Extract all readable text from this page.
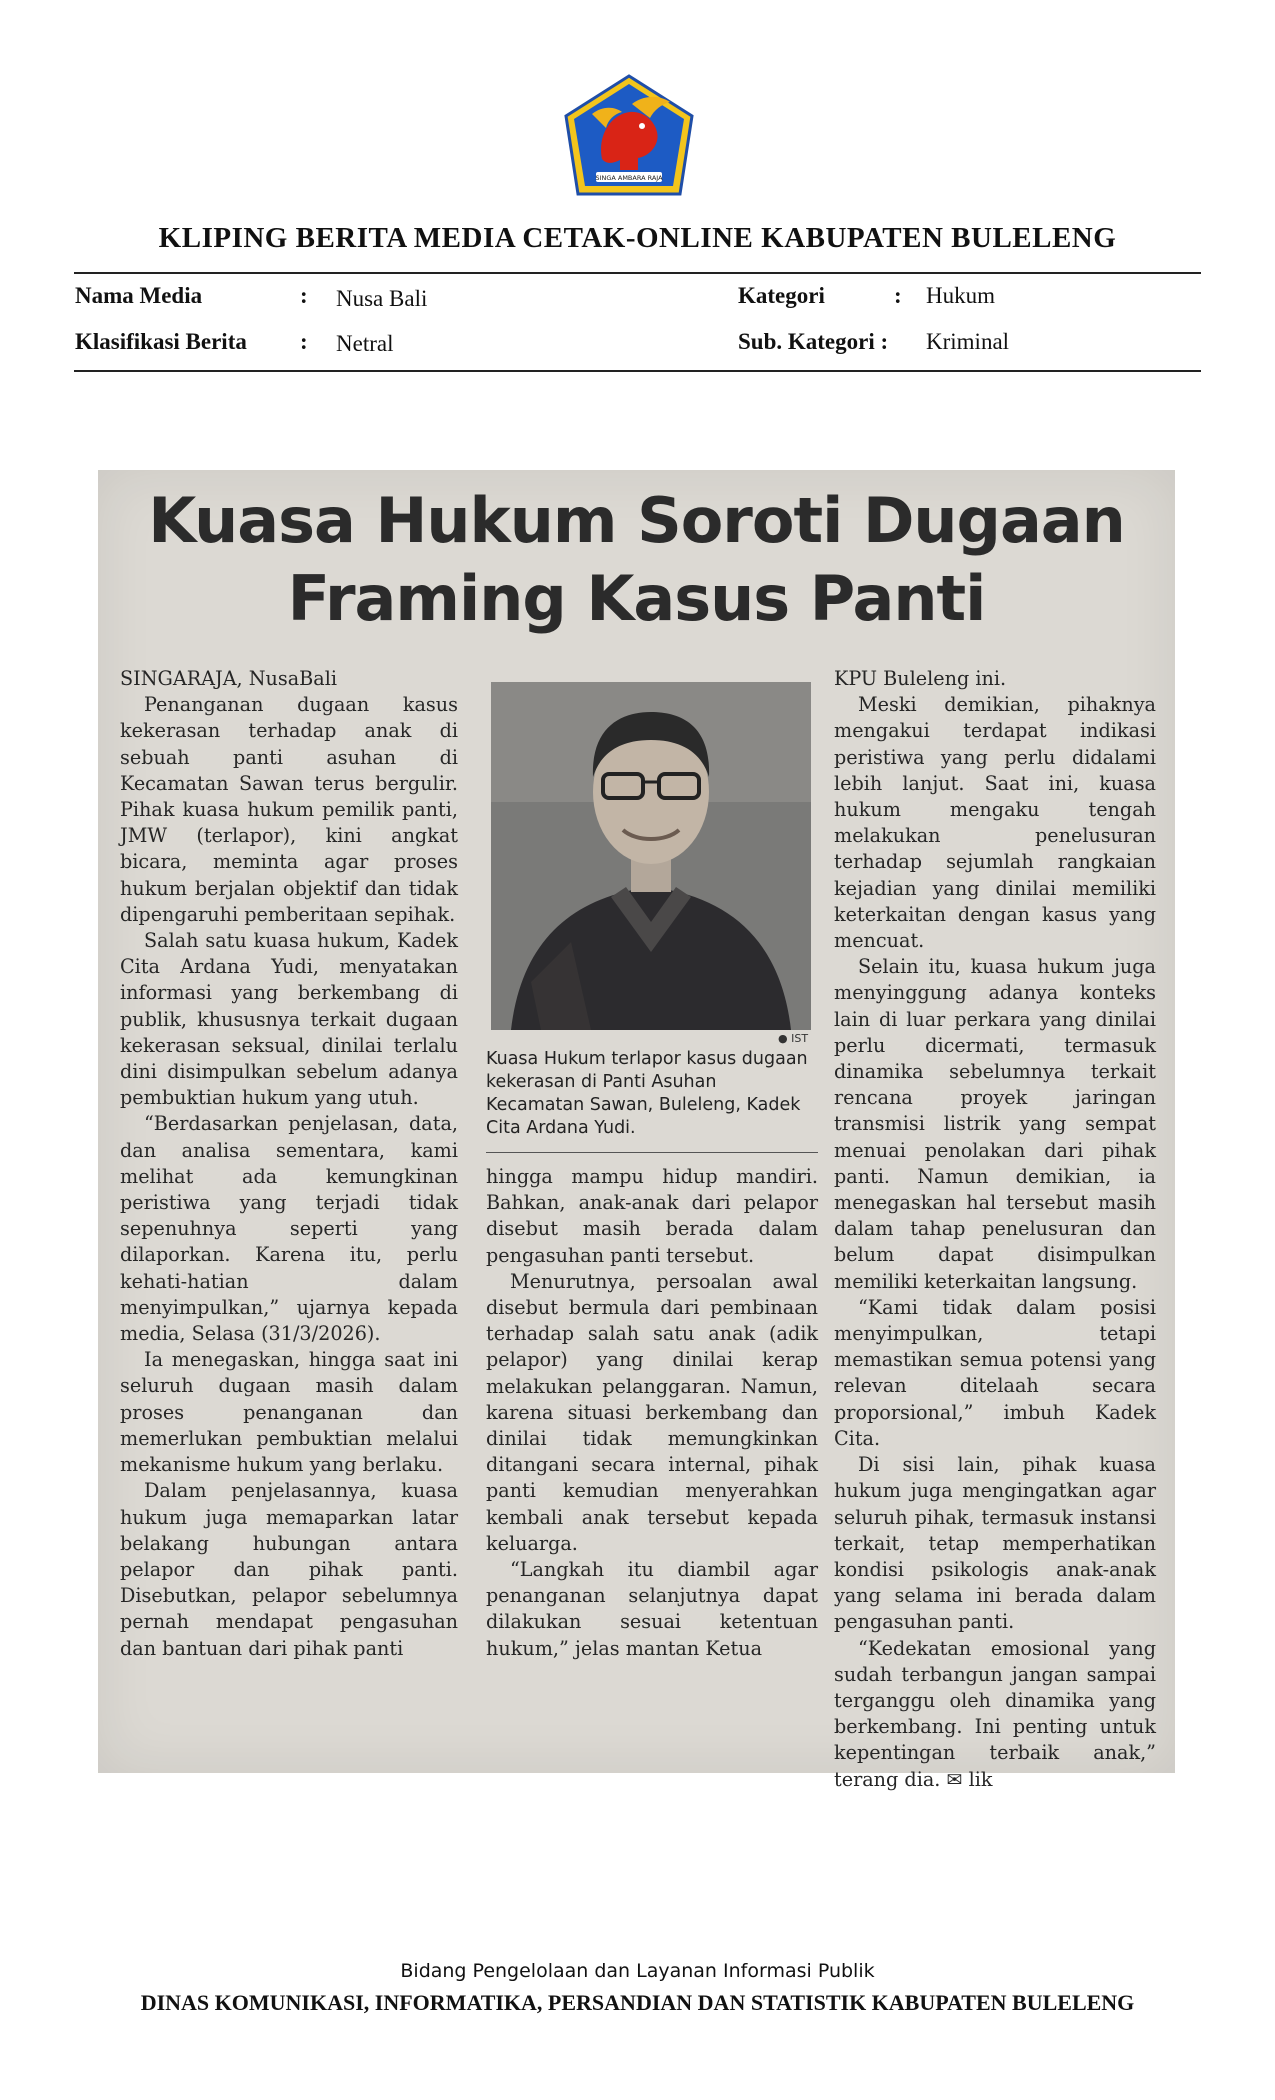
SINGA AMBARA RAJA
KLIPING BERITA MEDIA CETAK-ONLINE KABUPATEN BULELENG
Nama Media	: Nusa Bali	Kategori	: Hukum
Klasifikasi Berita : Netral	Sub. Kategori : Kriminal
Kuasa Hukum Soroti Dugaan
Framing Kasus Panti

SINGARAJA, NusaBali

Penanganan dugaan kasus kekerasan terhadap anak di sebuah panti asuhan di Kecamatan Sawan terus bergulir. Pihak kuasa hukum pemilik panti, JMW (terlapor), kini angkat bicara, meminta agar proses hukum berjalan objektif dan tidak dipengaruhi pemberitaan sepihak.

Salah satu kuasa hukum, Kadek Cita Ardana Yudi, menyatakan informasi yang berkembang di publik, khususnya terkait dugaan kekerasan seksual, dinilai terlalu dini disimpulkan sebelum adanya pembuktian hukum yang utuh.

“Berdasarkan penjelasan, data, dan analisa sementara, kami melihat ada kemungkinan peristiwa yang terjadi tidak sepenuhnya seperti yang dilaporkan. Karena itu, perlu kehati-hatian dalam menyimpulkan,” ujarnya kepada media, Selasa (31/3/2026).

Ia menegaskan, hingga saat ini seluruh dugaan masih dalam proses penanganan dan memerlukan pembuktian melalui mekanisme hukum yang berlaku.

Dalam penjelasannya, kuasa hukum juga memaparkan latar belakang hubungan antara pelapor dan pihak panti. Disebutkan, pelapor sebelumnya pernah mendapat pengasuhan dan bantuan dari pihak panti

● IST
Kuasa Hukum terlapor kasus dugaan kekerasan di Panti Asuhan Kecamatan Sawan, Buleleng, Kadek Cita Ardana Yudi.

hingga mampu hidup mandiri. Bahkan, anak-anak dari pelapor disebut masih berada dalam pengasuhan panti tersebut.

Menurutnya, persoalan awal disebut bermula dari pembinaan terhadap salah satu anak (adik pelapor) yang dinilai kerap melakukan pelanggaran. Namun, karena situasi berkembang dan dinilai tidak memungkinkan ditangani secara internal, pihak panti kemudian menyerahkan kembali anak tersebut kepada keluarga.

“Langkah itu diambil agar penanganan selanjutnya dapat dilakukan sesuai ketentuan hukum,” jelas mantan Ketua

KPU Buleleng ini.

Meski demikian, pihaknya mengakui terdapat indikasi peristiwa yang perlu didalami lebih lanjut. Saat ini, kuasa hukum mengaku tengah melakukan penelusuran terhadap sejumlah rangkaian kejadian yang dinilai memiliki keterkaitan dengan kasus yang mencuat.

Selain itu, kuasa hukum juga menyinggung adanya konteks lain di luar perkara yang dinilai perlu dicermati, termasuk dinamika sebelumnya terkait rencana proyek jaringan transmisi listrik yang sempat menuai penolakan dari pihak panti. Namun demikian, ia menegaskan hal tersebut masih dalam tahap penelusuran dan belum dapat disimpulkan memiliki keterkaitan langsung.

“Kami tidak dalam posisi menyimpulkan, tetapi memastikan semua potensi yang relevan ditelaah secara proporsional,” imbuh Kadek Cita.

Di sisi lain, pihak kuasa hukum juga mengingatkan agar seluruh pihak, termasuk instansi terkait, tetap memperhatikan kondisi psikologis anak-anak yang selama ini berada dalam pengasuhan panti.

“Kedekatan emosional yang sudah terbangun jangan sampai terganggu oleh dinamika yang berkembang. Ini penting untuk kepentingan terbaik anak,” terang dia. ✉ lik

Bidang Pengelolaan dan Layanan Informasi Publik
DINAS KOMUNIKASI, INFORMATIKA, PERSANDIAN DAN STATISTIK KABUPATEN BULELENG
